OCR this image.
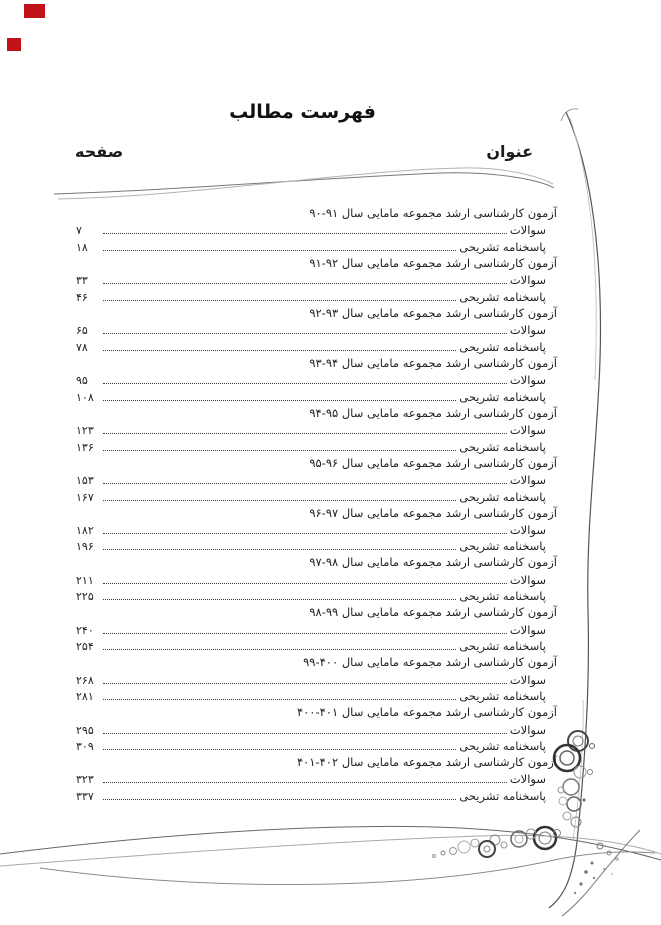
فهرست مطالب
عنوان
صفحه
آزمون کارشناسی ارشد مجموعه مامایی سال​ ۹۰-۹۱
سوالات
۷
پاسخنامه تشریحی
۱۸
آزمون کارشناسی ارشد مجموعه مامایی سال​ ۹۱-۹۲
سوالات
۳۳
پاسخنامه تشریحی
۴۶
آزمون کارشناسی ارشد مجموعه مامایی سال​ ۹۲-۹۳
سوالات
۶۵
پاسخنامه تشریحی
۷۸
آزمون کارشناسی ارشد مجموعه مامایی سال​ ۹۳-۹۴
سوالات
۹۵
پاسخنامه تشریحی
۱۰۸
آزمون کارشناسی ارشد مجموعه مامایی سال​ ۹۴-۹۵
سوالات
۱۲۳
پاسخنامه تشریحی
۱۳۶
آزمون کارشناسی ارشد مجموعه مامایی سال​ ۹۵-۹۶
سوالات
۱۵۳
پاسخنامه تشریحی
۱۶۷
آزمون کارشناسی ارشد مجموعه مامایی سال​ ۹۶-۹۷
سوالات
۱۸۲
پاسخنامه تشریحی
۱۹۶
آزمون کارشناسی ارشد مجموعه مامایی سال​ ۹۷-۹۸
سوالات
۲۱۱
پاسخنامه تشریحی
۲۲۵
آزمون کارشناسی ارشد مجموعه مامایی سال​ ۹۸-۹۹
سوالات
۲۴۰
پاسخنامه تشریحی
۲۵۴
آزمون کارشناسی ارشد مجموعه مامایی سال​ ۹۹-۴۰۰
سوالات
۲۶۸
پاسخنامه تشریحی
۲۸۱
آزمون کارشناسی ارشد مجموعه مامایی سال​ ۴۰۰-۴۰۱
سوالات
۲۹۵
پاسخنامه تشریحی
۳۰۹
آزمون کارشناسی ارشد مجموعه مامایی سال​ ۴۰۱-۴۰۲
سوالات
۳۲۳
پاسخنامه تشریحی
۳۳۷
